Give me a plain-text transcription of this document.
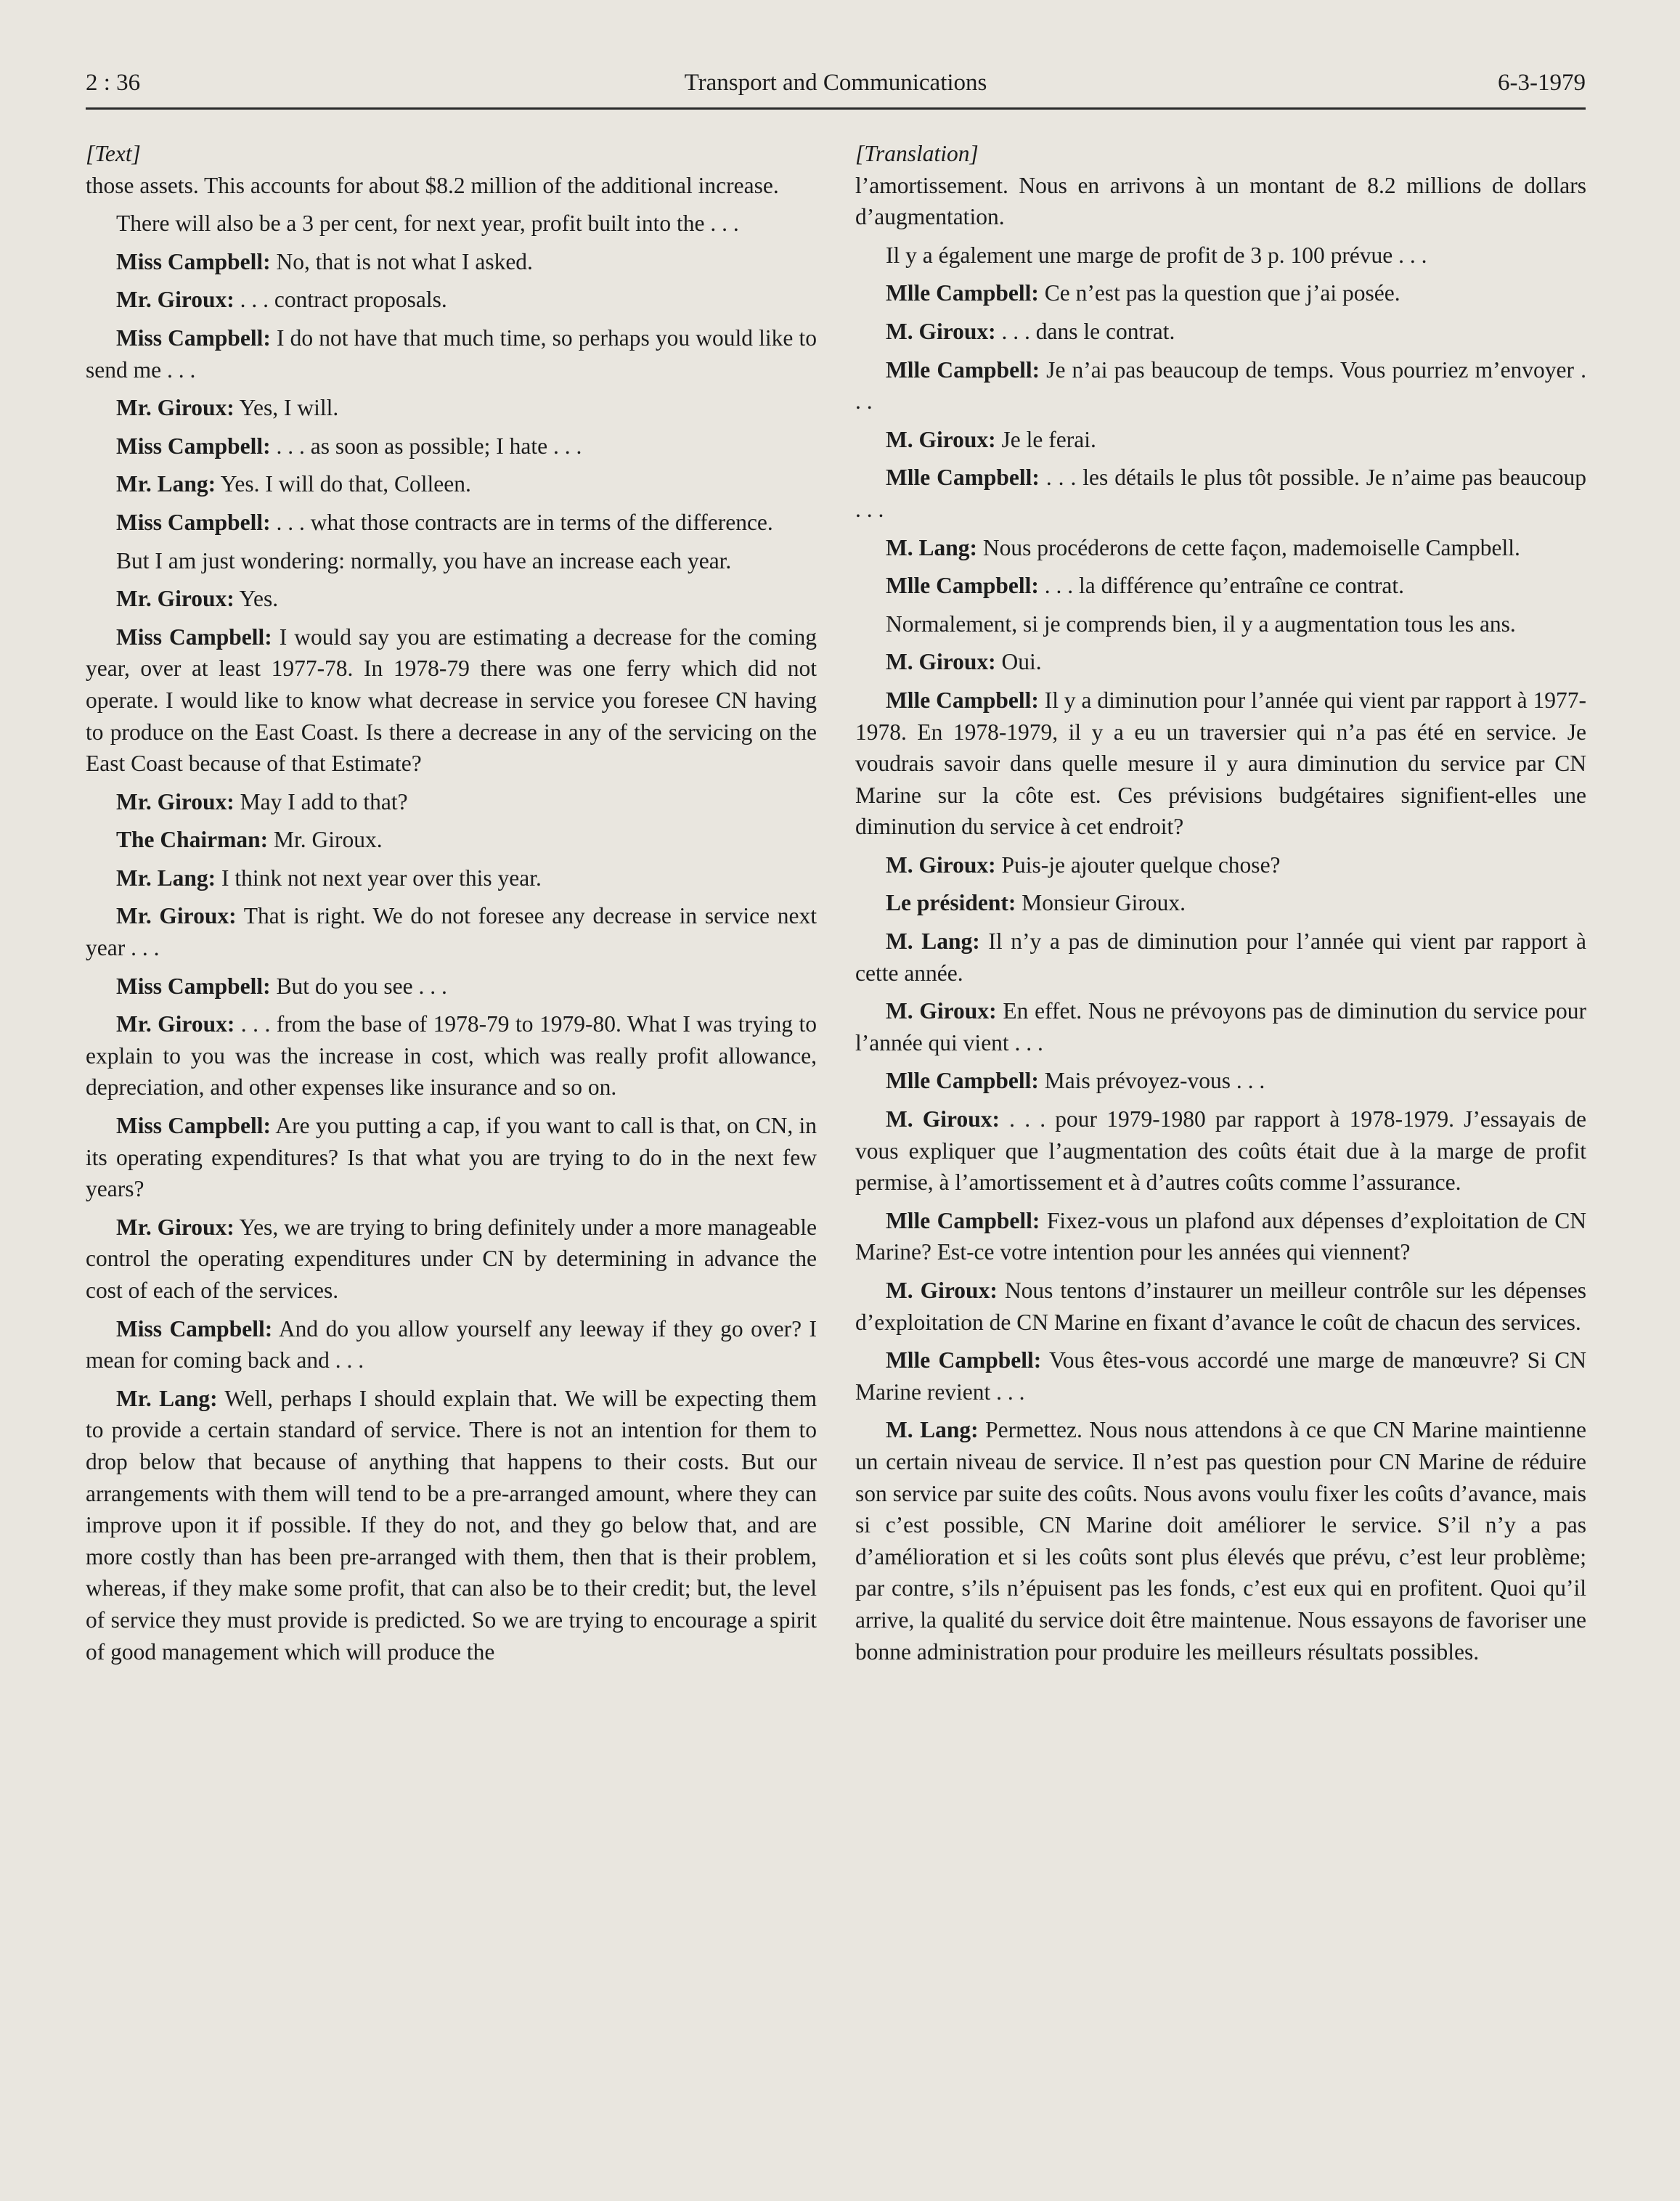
2 : 36	Transport and Communications	6-3-1979

[Text]

those assets. This accounts for about $8.2 million of the additional increase.

There will also be a 3 per cent, for next year, profit built into the . . .

Miss Campbell: No, that is not what I asked.

Mr. Giroux: . . . contract proposals.

Miss Campbell: I do not have that much time, so perhaps you would like to send me . . .

Mr. Giroux: Yes, I will.

Miss Campbell: . . . as soon as possible; I hate . . .

Mr. Lang: Yes. I will do that, Colleen.

Miss Campbell: . . . what those contracts are in terms of the difference.

But I am just wondering: normally, you have an increase each year.

Mr. Giroux: Yes.

Miss Campbell: I would say you are estimating a decrease for the coming year, over at least 1977-78. In 1978-79 there was one ferry which did not operate. I would like to know what decrease in service you foresee CN having to produce on the East Coast. Is there a decrease in any of the servicing on the East Coast because of that Estimate?

Mr. Giroux: May I add to that?

The Chairman: Mr. Giroux.

Mr. Lang: I think not next year over this year.

Mr. Giroux: That is right. We do not foresee any decrease in service next year . . .

Miss Campbell: But do you see . . .

Mr. Giroux: . . . from the base of 1978-79 to 1979-80. What I was trying to explain to you was the increase in cost, which was really profit allowance, depreciation, and other expenses like insurance and so on.

Miss Campbell: Are you putting a cap, if you want to call is that, on CN, in its operating expenditures? Is that what you are trying to do in the next few years?

Mr. Giroux: Yes, we are trying to bring definitely under a more manageable control the operating expenditures under CN by determining in advance the cost of each of the services.

Miss Campbell: And do you allow yourself any leeway if they go over? I mean for coming back and . . .

Mr. Lang: Well, perhaps I should explain that. We will be expecting them to provide a certain standard of service. There is not an intention for them to drop below that because of anything that happens to their costs. But our arrangements with them will tend to be a pre-arranged amount, where they can improve upon it if possible. If they do not, and they go below that, and are more costly than has been pre-arranged with them, then that is their problem, whereas, if they make some profit, that can also be to their credit; but, the level of service they must provide is predicted. So we are trying to encourage a spirit of good management which will produce the

[Translation]

l’amortissement. Nous en arrivons à un montant de 8.2 millions de dollars d’augmentation.

Il y a également une marge de profit de 3 p. 100 prévue . . .

Mlle Campbell: Ce n’est pas la question que j’ai posée.

M. Giroux: . . . dans le contrat.

Mlle Campbell: Je n’ai pas beaucoup de temps. Vous pourriez m’envoyer . . .

M. Giroux: Je le ferai.

Mlle Campbell: . . . les détails le plus tôt possible. Je n’aime pas beaucoup . . .

M. Lang: Nous procéderons de cette façon, mademoiselle Campbell.

Mlle Campbell: . . . la différence qu’entraîne ce contrat.

Normalement, si je comprends bien, il y a augmentation tous les ans.

M. Giroux: Oui.

Mlle Campbell: Il y a diminution pour l’année qui vient par rapport à 1977-1978. En 1978-1979, il y a eu un traversier qui n’a pas été en service. Je voudrais savoir dans quelle mesure il y aura diminution du service par CN Marine sur la côte est. Ces prévisions budgétaires signifient-elles une diminution du service à cet endroit?

M. Giroux: Puis-je ajouter quelque chose?

Le président: Monsieur Giroux.

M. Lang: Il n’y a pas de diminution pour l’année qui vient par rapport à cette année.

M. Giroux: En effet. Nous ne prévoyons pas de diminution du service pour l’année qui vient . . .

Mlle Campbell: Mais prévoyez-vous . . .

M. Giroux: . . . pour 1979-1980 par rapport à 1978-1979. J’essayais de vous expliquer que l’augmentation des coûts était due à la marge de profit permise, à l’amortissement et à d’autres coûts comme l’assurance.

Mlle Campbell: Fixez-vous un plafond aux dépenses d’exploitation de CN Marine? Est-ce votre intention pour les années qui viennent?

M. Giroux: Nous tentons d’instaurer un meilleur contrôle sur les dépenses d’exploitation de CN Marine en fixant d’avance le coût de chacun des services.

Mlle Campbell: Vous êtes-vous accordé une marge de manœuvre? Si CN Marine revient . . .

M. Lang: Permettez. Nous nous attendons à ce que CN Marine maintienne un certain niveau de service. Il n’est pas question pour CN Marine de réduire son service par suite des coûts. Nous avons voulu fixer les coûts d’avance, mais si c’est possible, CN Marine doit améliorer le service. S’il n’y a pas d’amélioration et si les coûts sont plus élevés que prévu, c’est leur problème; par contre, s’ils n’épuisent pas les fonds, c’est eux qui en profitent. Quoi qu’il arrive, la qualité du service doit être maintenue. Nous essayons de favoriser une bonne administration pour produire les meilleurs résultats possibles.
